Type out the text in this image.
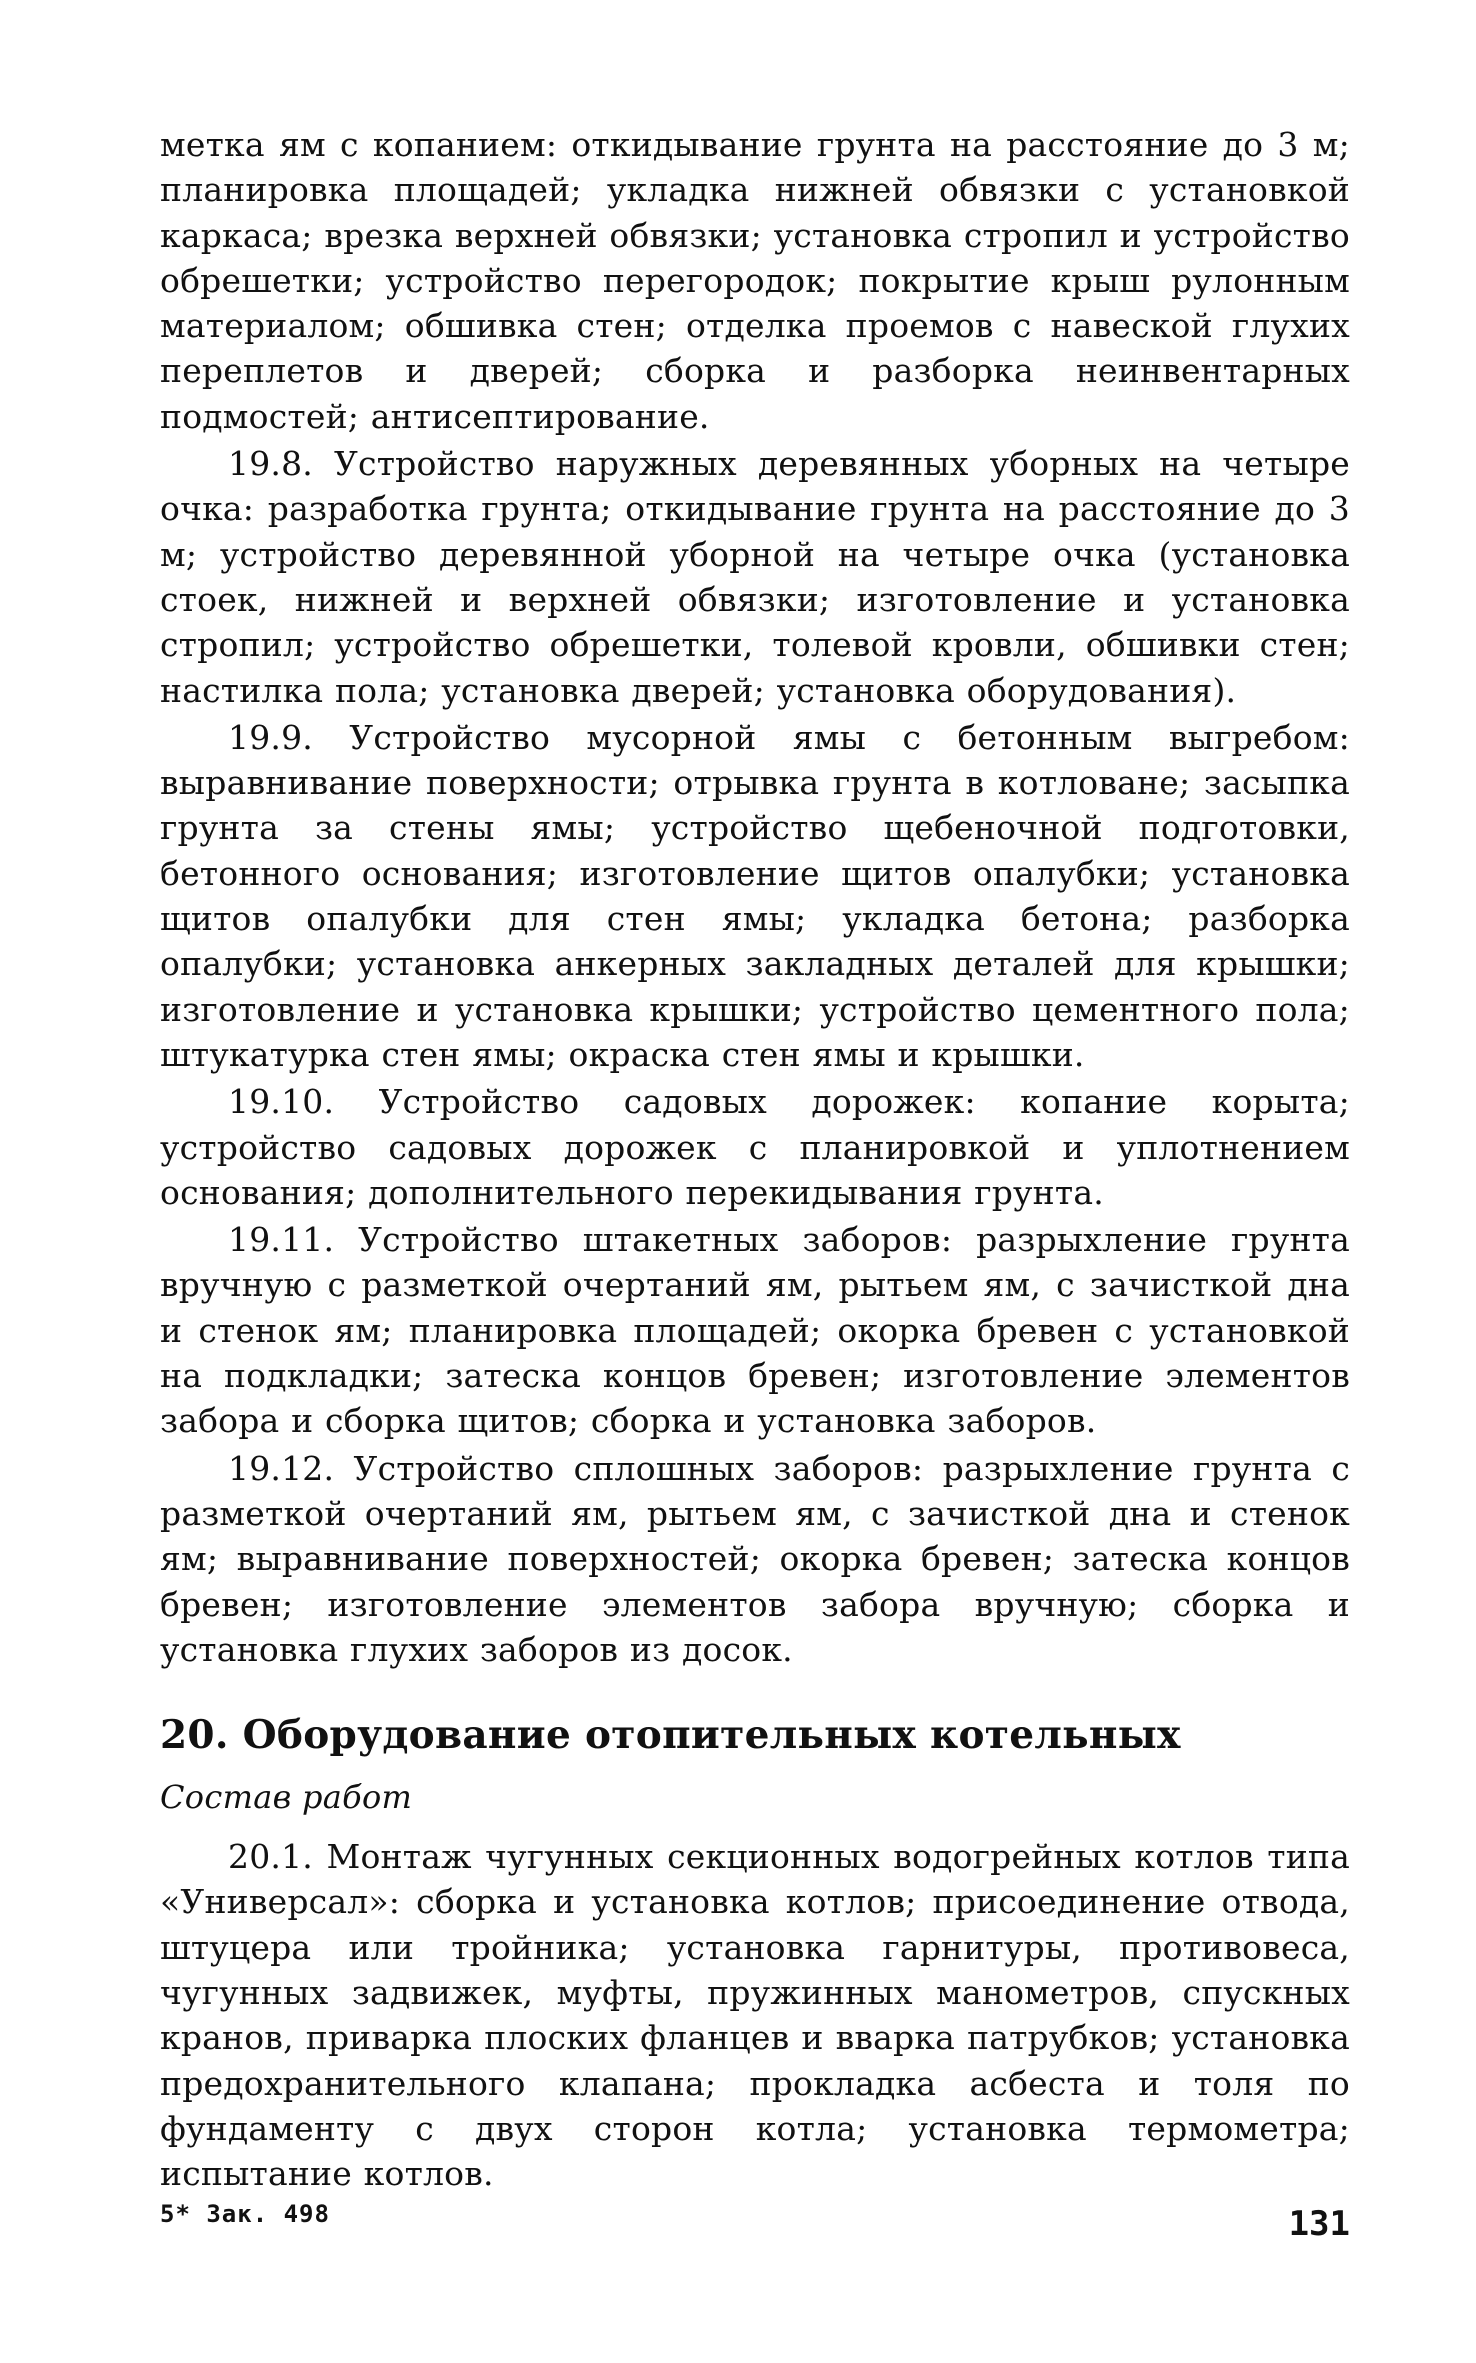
метка ям с копанием: откидывание грунта на расстояние до 3 м; планировка площадей; укладка нижней обвязки с установкой каркаса; врезка верхней обвязки; установка стропил и устройство обрешетки; устройство перегородок; покрытие крыш рулонным материалом; обшивка стен; отделка проемов с навеской глухих переплетов и дверей; сборка и разборка неинвентарных подмостей; антисептирование.

19.8. Устройство наружных деревянных уборных на четыре очка: разработка грунта; откидывание грунта на расстояние до 3 м; устройство деревянной уборной на четыре очка (установка стоек, нижней и верхней обвязки; изготовление и установка стропил; устройство обрешетки, толевой кровли, обшивки стен; настилка пола; установка дверей; установка оборудования).

19.9. Устройство мусорной ямы с бетонным выгребом: выравнивание поверхности; отрывка грунта в котловане; засыпка грунта за стены ямы; устройство щебеночной подготовки, бетонного основания; изготовление щитов опалубки; установка щитов опалубки для стен ямы; укладка бетона; разборка опалубки; установка анкерных закладных деталей для крышки; изготовление и установка крышки; устройство цементного пола; штукатурка стен ямы; окраска стен ямы и крышки.

19.10. Устройство садовых дорожек: копание корыта; устройство садовых дорожек с планировкой и уплотнением основания; дополнительного перекидывания грунта.

19.11. Устройство штакетных заборов: разрыхление грунта вручную с разметкой очертаний ям, рытьем ям, с зачисткой дна и стенок ям; планировка площадей; окорка бревен с установкой на подкладки; затеска концов бревен; изготовление элементов забора и сборка щитов; сборка и установка заборов.

19.12. Устройство сплошных заборов: разрыхление грунта с разметкой очертаний ям, рытьем ям, с зачисткой дна и стенок ям; выравнивание поверхностей; окорка бревен; затеска концов бревен; изготовление элементов забора вручную; сборка и установка глухих заборов из досок.

20. Оборудование отопительных котельных
Состав работ

20.1. Монтаж чугунных секционных водогрейных котлов типа «Универсал»: сборка и установка котлов; присоединение отвода, штуцера или тройника; установка гарнитуры, противовеса, чугунных задвижек, муфты, пружинных манометров, спускных кранов, приварка плоских фланцев и вварка патрубков; установка предохранительного клапана; прокладка асбеста и толя по фундаменту с двух сторон котла; установка термометра; испытание котлов.

5* Зак. 498	131
